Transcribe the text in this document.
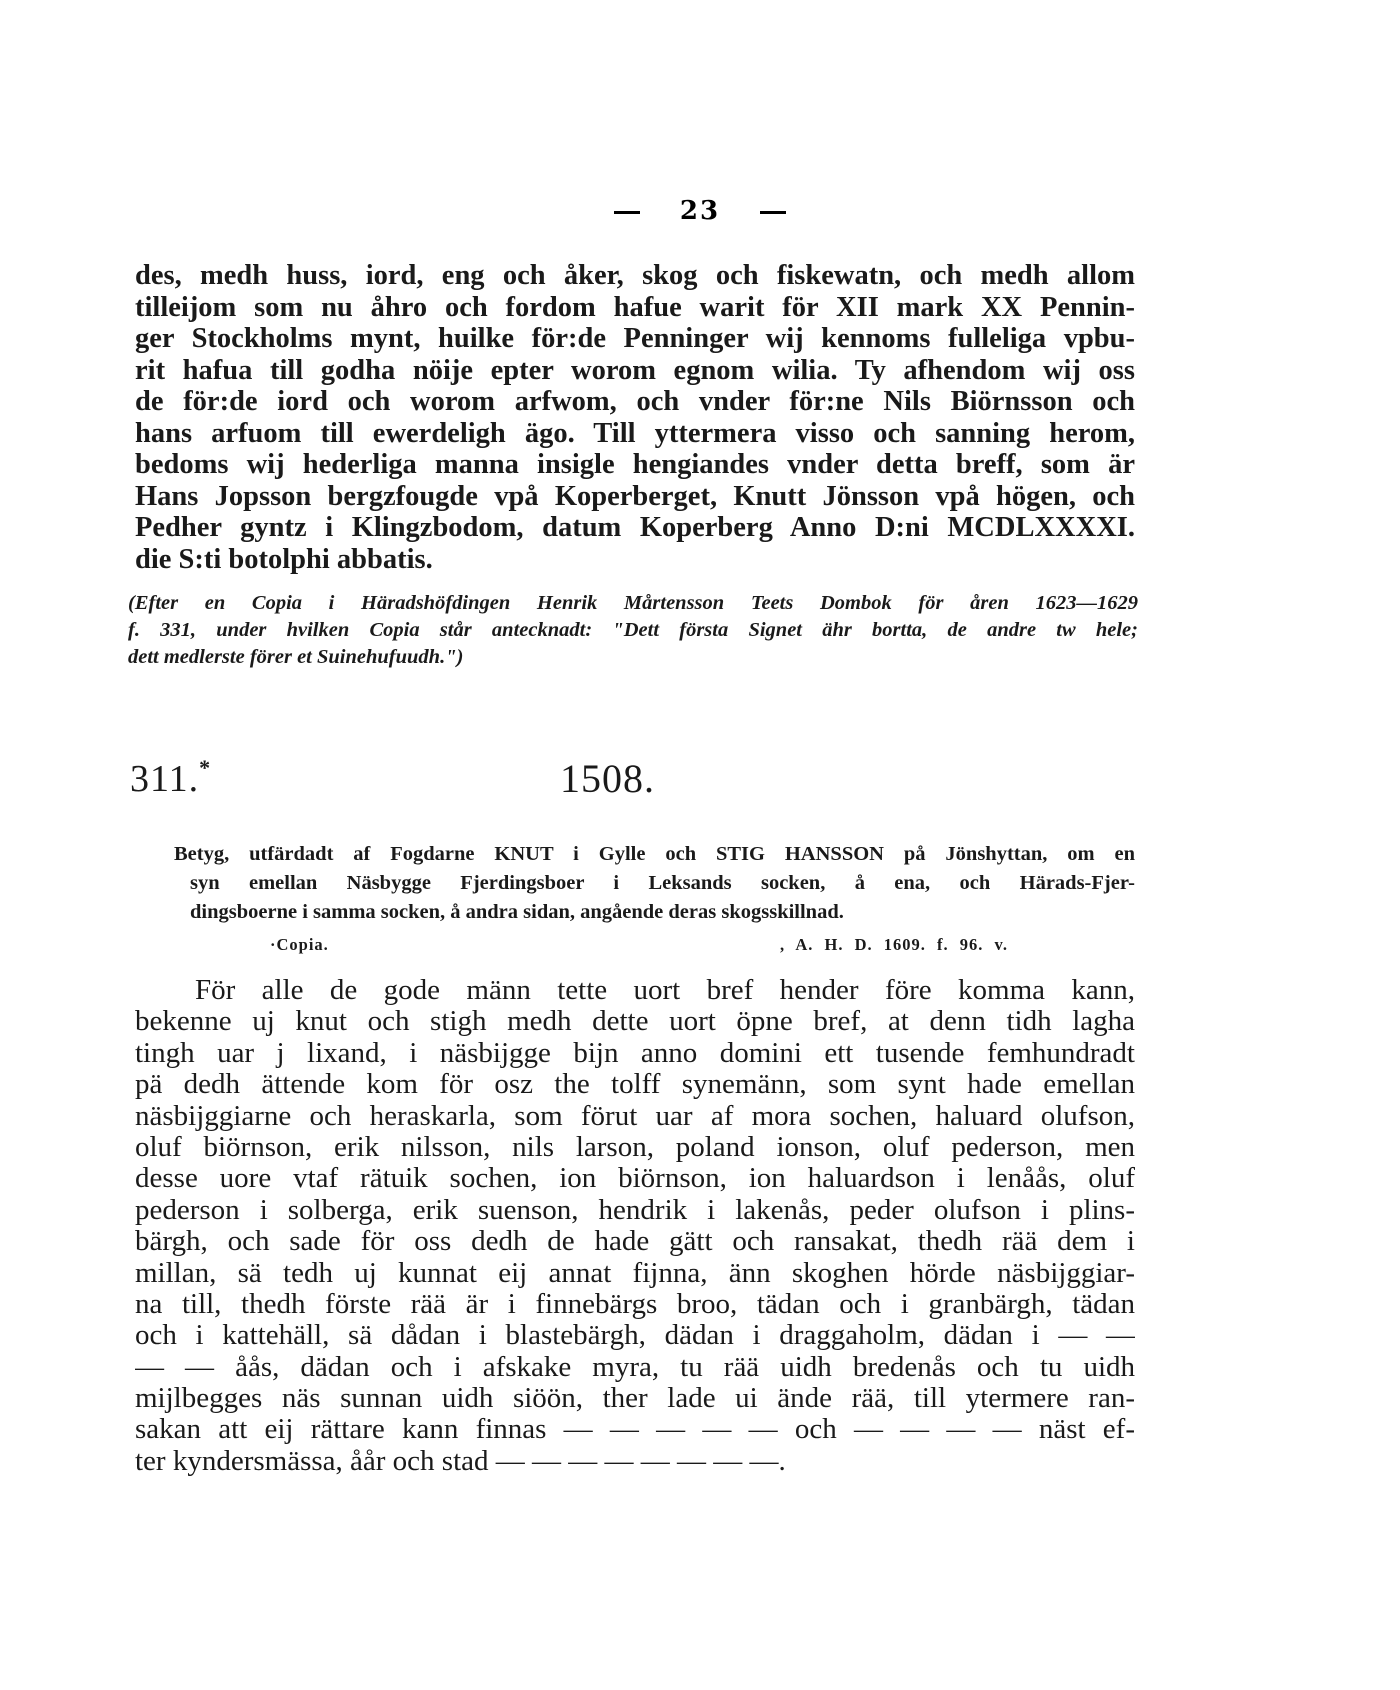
23
des, medh huss, iord, eng och åker, skog och fiskewatn, och medh allom
tilleijom som nu åhro och fordom hafue warit för XII mark XX Pennin-
ger Stockholms mynt, huilke för:de Penninger wij kennoms fulleliga vpbu-
rit hafua till godha nöije epter worom egnom wilia. Ty afhendom wij oss
de för:de iord och worom arfwom, och vnder för:ne Nils Biörnsson och
hans arfuom till ewerdeligh ägo. Till yttermera visso och sanning herom,
bedoms wij hederliga manna insigle hengiandes vnder detta breff, som är
Hans Jopsson bergzfougde vpå Koperberget, Knutt Jönsson vpå högen, och
Pedher gyntz i Klingzbodom, datum Koperberg Anno D:ni MCDLXXXXI.
die S:ti botolphi abbatis.
(Efter en Copia i Häradshöfdingen Henrik Mårtensson Teets Dombok för åren 1623—1629
f. 331, under hvilken Copia står antecknadt: "Dett första Signet ähr bortta, de andre tw hele;
dett medlerste förer et Suinehufuudh.")
311.*	1508.
Betyg, utfärdadt af Fogdarne KNUT i Gylle och STIG HANSSON på Jönshyttan, om en
syn emellan Näsbygge Fjerdingsboer i Leksands socken, å ena, och Härads-Fjer-
dingsboerne i samma socken, å andra sidan, angående deras skogsskillnad.
·Copia.	, A. H. D. 1609. f. 96. v.
För alle de gode männ tette uort bref hender före komma kann,
bekenne uj knut och stigh medh dette uort öpne bref, at denn tidh lagha
tingh uar j lixand, i näsbijgge bijn anno domini ett tusende femhundradt
pä dedh ättende kom för osz the tolff synemänn, som synt hade emellan
näsbijggiarne och heraskarla, som förut uar af mora sochen, haluard olufson,
oluf biörnson, erik nilsson, nils larson, poland ionson, oluf pederson, men
desse uore vtaf rätuik sochen, ion biörnson, ion haluardson i lenåås, oluf
pederson i solberga, erik suenson, hendrik i lakenås, peder olufson i plins-
bärgh, och sade för oss dedh de hade gätt och ransakat, thedh rää dem i
millan, sä tedh uj kunnat eij annat fijnna, änn skoghen hörde näsbijggiar-
na till, thedh förste rää är i finnebärgs broo, tädan och i granbärgh, tädan
och i kattehäll, sä dådan i blastebärgh, dädan i draggaholm, dädan i — —
— — åås, dädan och i afskake myra, tu rää uidh bredenås och tu uidh
mijlbegges näs sunnan uidh siöön, ther lade ui ände rää, till ytermere ran-
sakan att eij rättare kann finnas — — — — — och — — — — näst ef-
ter kyndersmässa, åår och stad — — — — — — — —.
